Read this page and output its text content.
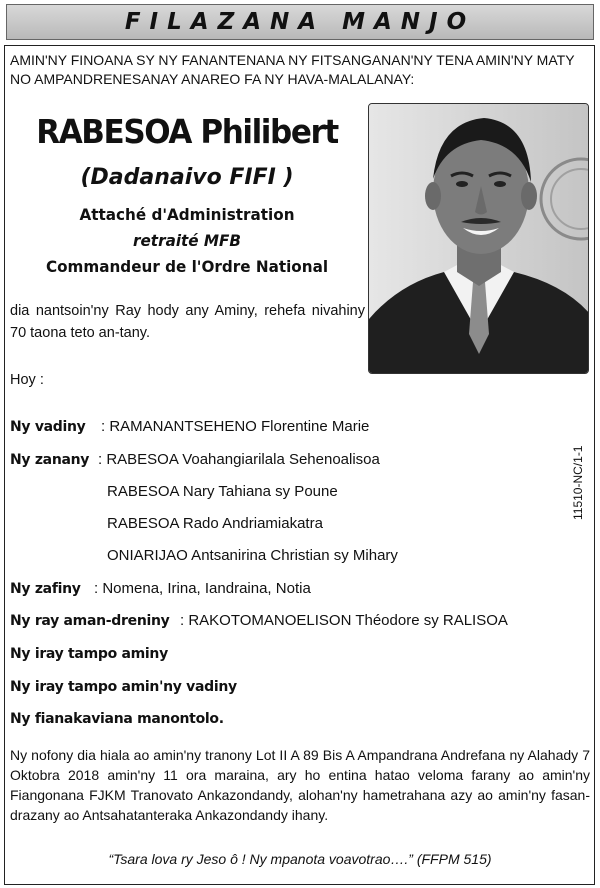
FILAZANA MANJO
AMIN'NY FINOANA SY NY FANANTENANA NY FITSANGANAN'NY TENA AMIN'NY MATY NO AMPANDRENESANAY ANAREO FA NY HAVA-MALALANAY:
RABESOA Philibert
(Dadanaivo FIFI )
Attaché d'Administration
retraité MFB
Commandeur de l'Ordre National
dia nantsoin'ny Ray hody any Aminy, rehefa nivahiny 70 taona teto an-tany.
Hoy :
Ny vadiny : RAMANANTSEHENO Florentine Marie
Ny zanany : RABESOA Voahangiarilala Sehenoalisoa
RABESOA Nary Tahiana sy Poune
RABESOA Rado Andriamiakatra
ONIARIJAO Antsanirina Christian sy Mihary
Ny zafiny : Nomena, Irina, Iandraina, Notia
Ny ray aman-dreniny : RAKOTOMANOELISON Théodore sy RALISOA
Ny iray tampo aminy
Ny iray tampo amin'ny vadiny
Ny fianakaviana manontolo.
11510-NC/1-1
Ny nofony dia hiala ao amin'ny tranony Lot II A 89 Bis A Ampandrana Andrefana ny Alahady 7 Oktobra 2018 amin'ny 11 ora maraina, ary ho entina hatao veloma farany ao amin'ny Fiangonana FJKM Tranovato Ankazondandy, alohan'ny hametrahana azy ao amin'ny fasan-drazany ao Antsahatanteraka Ankazondandy ihany.
“Tsara lova ry Jeso ô ! Ny mpanota voavotrao….” (FFPM 515)
